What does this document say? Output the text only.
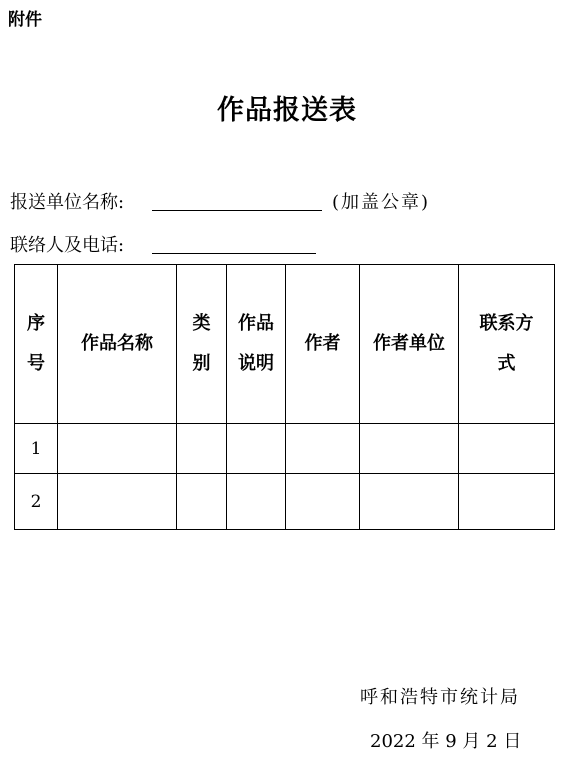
附件
作品报送表
报送单位名称:	(加盖公章)
联络人及电话:
序号	作品名称	类别	作品说明	作者	作者单位	联系方式
1						
2						
呼和浩特市统计局
2022 年 9 月 2 日
